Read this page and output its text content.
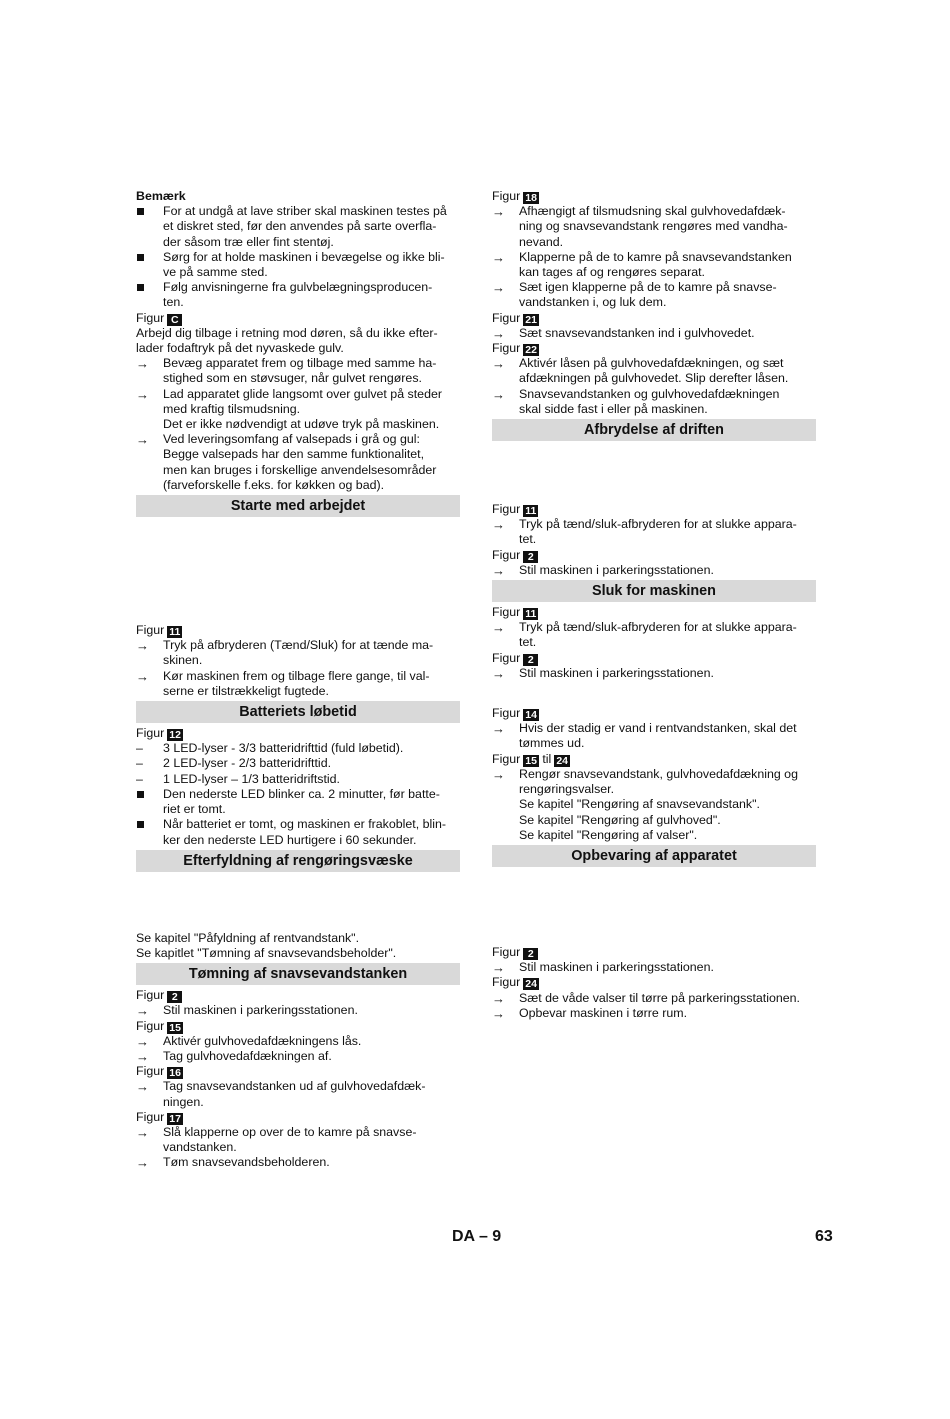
Bemærk
For at undgå at lave striber skal maskinen testes på
et diskret sted, før den anvendes på sarte overfla-
der såsom træ eller fint stentøj.
Sørg for at holde maskinen i bevægelse og ikke bli-
ve på samme sted.
Følg anvisningerne fra gulvbelægningsproducen-
ten.
Figur C
Arbejd dig tilbage i retning mod døren, så du ikke efter-
lader fodaftryk på det nyvaskede gulv.
→	Bevæg apparatet frem og tilbage med samme ha-
stighed som en støvsuger, når gulvet rengøres.
→	Lad apparatet glide langsomt over gulvet på steder
med kraftig tilsmudsning.
Det er ikke nødvendigt at udøve tryk på maskinen.
→	Ved leveringsomfang af valsepads i grå og gul:
Begge valsepads har den samme funktionalitet,
men kan bruges i forskellige anvendelsesområder
(farveforskelle f.eks. for køkken og bad).
Starte med arbejdet
Figur 11
→	Tryk på afbryderen (Tænd/Sluk) for at tænde ma-
skinen.
→	Kør maskinen frem og tilbage flere gange, til val-
serne er tilstrækkeligt fugtede.
Batteriets løbetid
Figur 12
–	3 LED-lyser - 3/3 batteridrifttid (fuld løbetid).
–	2 LED-lyser - 2/3 batteridrifttid.
–	1 LED-lyser – 1/3 batteridriftstid.
Den nederste LED blinker ca. 2 minutter, før batte-
riet er tomt.
Når batteriet er tomt, og maskinen er frakoblet, blin-
ker den nederste LED hurtigere i 60 sekunder.
Efterfyldning af rengøringsvæske
Se kapitel "Påfyldning af rentvandstank".
Se kapitlet "Tømning af snavsevandsbeholder".
Tømning af snavsevandstanken
Figur 2
→	Stil maskinen i parkeringsstationen.
Figur 15
→	Aktivér gulvhovedafdækningens lås.
→	Tag gulvhovedafdækningen af.
Figur 16
→	Tag snavsevandstanken ud af gulvhovedafdæk-
ningen.
Figur 17
→	Slå klapperne op over de to kamre på snavse-
vandstanken.
→	Tøm snavsevandsbeholderen.
Figur 18
→	Afhængigt af tilsmudsning skal gulvhovedafdæk-
ning og snavsevandstank rengøres med vandha-
nevand.
→	Klapperne på de to kamre på snavsevandstanken
kan tages af og rengøres separat.
→	Sæt igen klapperne på de to kamre på snavse-
vandstanken i, og luk dem.
Figur 21
→	Sæt snavsevandstanken ind i gulvhovedet.
Figur 22
→	Aktivér låsen på gulvhovedafdækningen, og sæt
afdækningen på gulvhovedet. Slip derefter låsen.
→	Snavsevandstanken og gulvhovedafdækningen
skal sidde fast i eller på maskinen.
Afbrydelse af driften
Figur 11
→	Tryk på tænd/sluk-afbryderen for at slukke appara-
tet.
Figur 2
→	Stil maskinen i parkeringsstationen.
Sluk for maskinen
Figur 11
→	Tryk på tænd/sluk-afbryderen for at slukke appara-
tet.
Figur 2
→	Stil maskinen i parkeringsstationen.
Figur 14
→	Hvis der stadig er vand i rentvandstanken, skal det
tømmes ud.
Figur 15 til 24
→	Rengør snavsevandstank, gulvhovedafdækning og
rengøringsvalser.
Se kapitel "Rengøring af snavsevandstank".
Se kapitel "Rengøring af gulvhoved".
Se kapitel "Rengøring af valser".
Opbevaring af apparatet
Figur 2
→	Stil maskinen i parkeringsstationen.
Figur 24
→	Sæt de våde valser til tørre på parkeringsstationen.
→	Opbevar maskinen i tørre rum.
DA – 9	63
